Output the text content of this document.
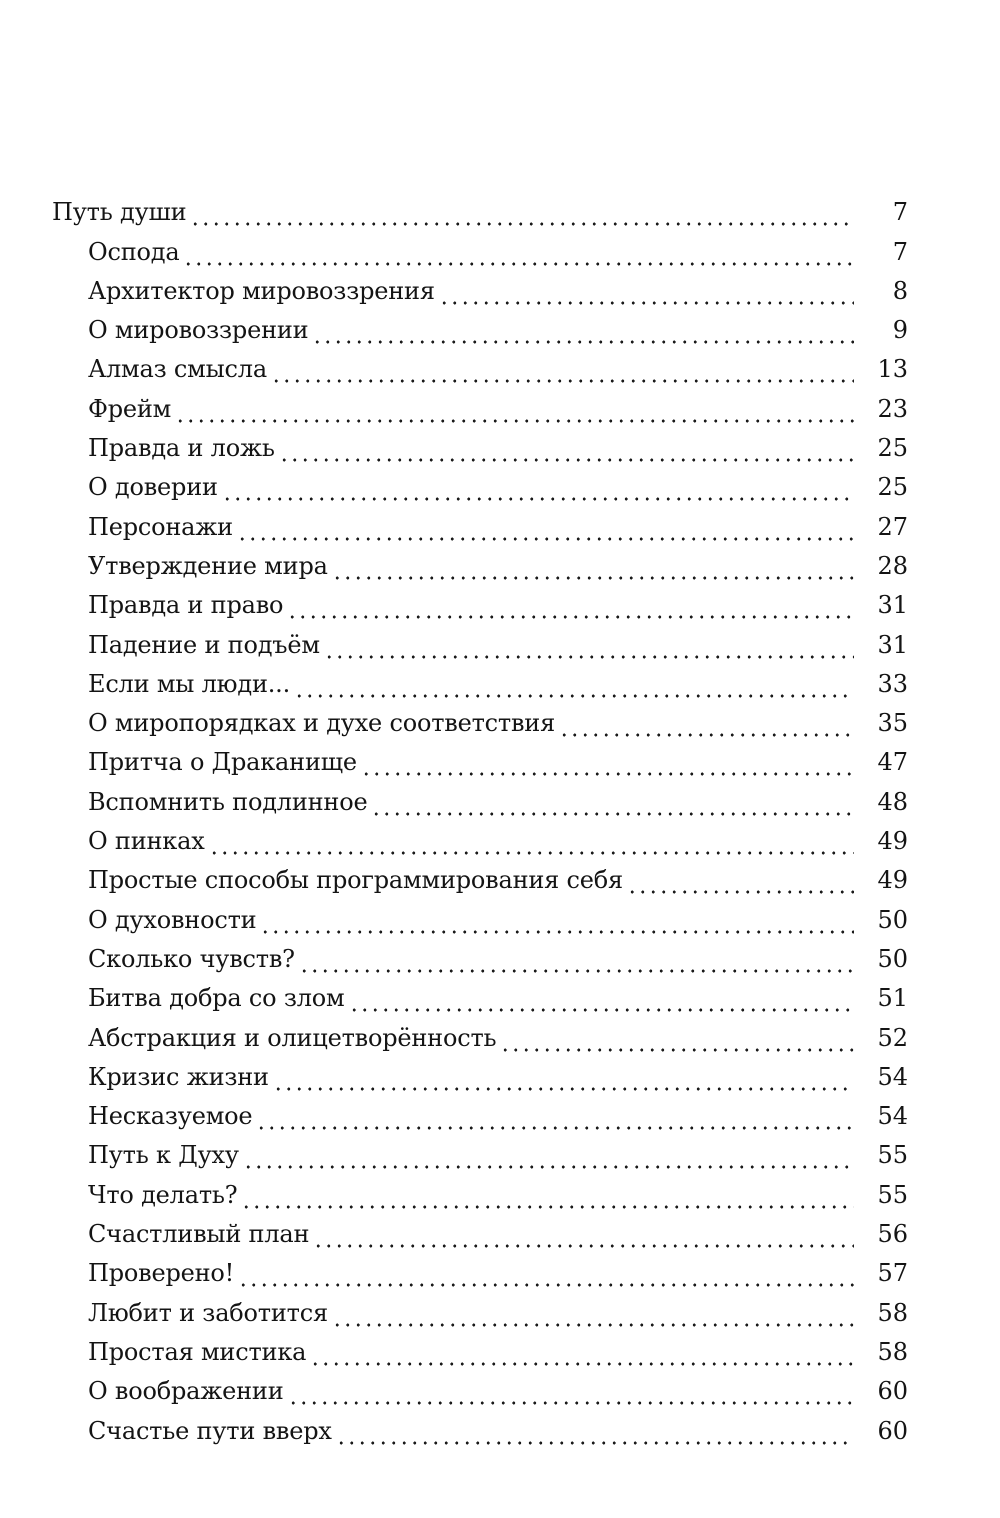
Путь души	7
Оспода	7
Архитектор мировоззрения	8
О мировоззрении	9
Алмаз смысла	13
Фрейм	23
Правда и ложь	25
О доверии	25
Персонажи	27
Утверждение мира	28
Правда и право	31
Падение и подъём	31
Если мы люди...	33
О миропорядках и духе соответствия	35
Притча о Драканище	47
Вспомнить подлинное	48
О пинках	49
Простые способы программирования себя	49
О духовности	50
Сколько чувств?	50
Битва добра со злом	51
Абстракция и олицетворённость	52
Кризис жизни	54
Несказуемое	54
Путь к Духу	55
Что делать?	55
Счастливый план	56
Проверено!	57
Любит и заботится	58
Простая мистика	58
О воображении	60
Счастье пути вверх	60
